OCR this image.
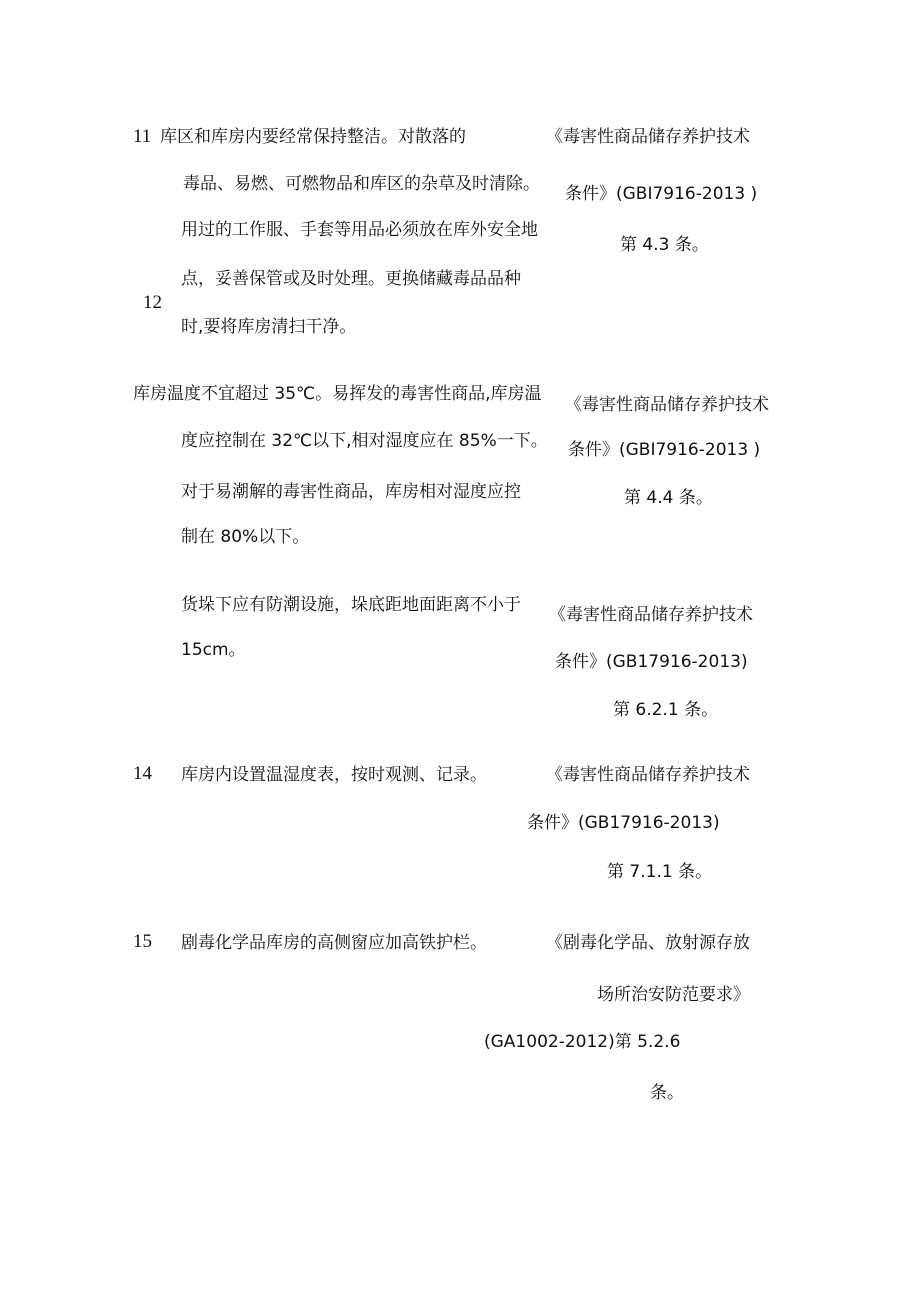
11 库区和库房内要经常保持整洁。对散落的
毒品、易燃、可燃物品和库区的杂草及时清除。
用过的工作服、手套等用品必须放在库外安全地
点，妥善保管或及时处理。更换储藏毒品品种
12
时,要将库房清扫干净。
《毒害性商品储存养护技术
条件》(GBI7916-2013 )
第 4.3 条。
库房温度不宜超过 35℃。易挥发的毒害性商品,库房温
度应控制在 32℃以下,相对湿度应在 85%一下。
对于易潮解的毒害性商品，库房相对湿度应控
制在 80%以下。
《毒害性商品储存养护技术
条件》(GBI7916-2013 )
第 4.4 条。
货垛下应有防潮设施，垛底距地面距离不小于
15cm。
《毒害性商品储存养护技术
条件》(GB17916-2013)
第 6.2.1 条。
14 库房内设置温湿度表，按时观测、记录。	《毒害性商品储存养护技术
条件》(GB17916-2013)
第 7.1.1 条。
15 剧毒化学品库房的高侧窗应加高铁护栏。	《剧毒化学品、放射源存放
场所治安防范要求》
(GA1002-2012)第 5.2.6
条。
